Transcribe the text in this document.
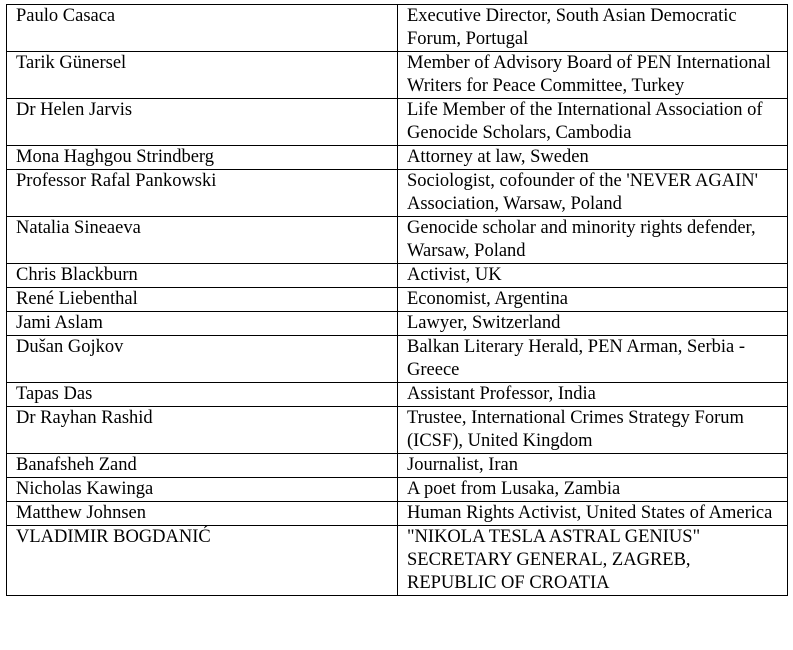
Paulo Casaca	Executive Director, South Asian Democratic Forum, Portugal
Tarik Günersel	Member of Advisory Board of PEN International Writers for Peace Committee, Turkey
Dr Helen Jarvis	Life Member of the International Association of Genocide Scholars, Cambodia
Mona Haghgou Strindberg	Attorney at law, Sweden
Professor Rafal Pankowski	Sociologist, cofounder of the 'NEVER AGAIN' Association, Warsaw, Poland
Natalia Sineaeva	Genocide scholar and minority rights defender, Warsaw, Poland
Chris Blackburn	Activist, UK
René Liebenthal	Economist, Argentina
Jami Aslam	Lawyer, Switzerland
Dušan Gojkov	Balkan Literary Herald, PEN Arman, Serbia - Greece
Tapas Das	Assistant Professor, India
Dr Rayhan Rashid	Trustee, International Crimes Strategy Forum (ICSF), United Kingdom
Banafsheh Zand	Journalist, Iran
Nicholas Kawinga	A poet from Lusaka, Zambia
Matthew Johnsen	Human Rights Activist, United States of America
VLADIMIR BOGDANIĆ	"NIKOLA TESLA ASTRAL GENIUS" SECRETARY GENERAL, ZAGREB, REPUBLIC OF CROATIA
